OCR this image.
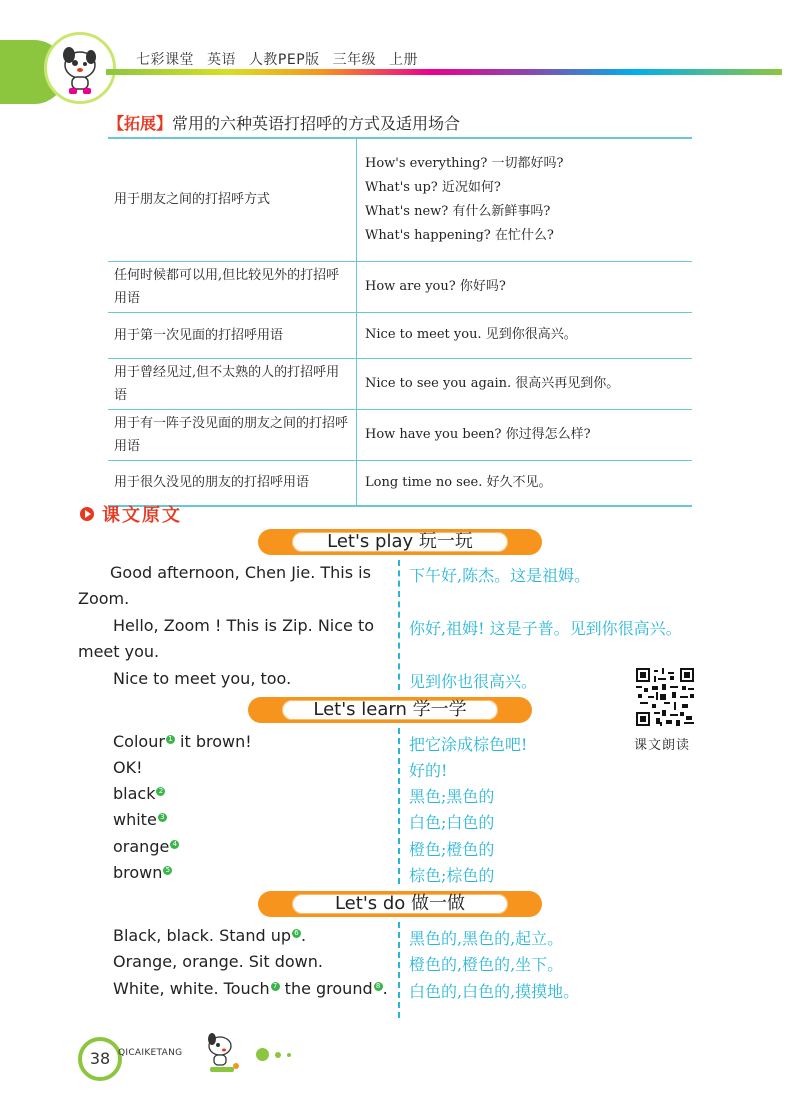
七彩课堂 英语 人教PEP版 三年级 上册
【拓展】常用的六种英语打招呼的方式及适用场合
用于朋友之间的打招呼方式	How's everything? 一切都好吗?
What's up? 近况如何?
What's new? 有什么新鲜事吗?
What's happening? 在忙什么?

任何时候都可以用,但比较见外的打招呼用语	How are you? 你好吗?

用于第一次见面的打招呼用语	Nice to meet you. 见到你很高兴。

用于曾经见过,但不太熟的人的打招呼用语	Nice to see you again. 很高兴再见到你。

用于有一阵子没见面的朋友之间的打招呼用语	How have you been? 你过得怎么样?

用于很久没见的朋友的打招呼用语	Long time no see. 好久不见。
课文原文
Let's play 玩一玩
Good afternoon, Chen Jie. This is
Zoom.
下午好,陈杰。这是祖姆。
Hello, Zoom ! This is Zip. Nice to
meet you.
你好,祖姆! 这是子普。见到你很高兴。
Nice to meet you, too.	见到你也很高兴。
课文朗读
Let's learn 学一学
Colour 1 it brown!	把它涂成棕色吧!
OK!	好的!
black 2	黑色;黑色的
white 3	白色;白色的
orange 4	橙色;橙色的
brown 5	棕色;棕色的
Let's do 做一做
Black, black. Stand up 6 .	黑色的,黑色的,起立。
Orange, orange. Sit down.	橙色的,橙色的,坐下。
White, white. Touch 7 the ground 8 . 白色的,白色的,摸摸地。
38 QICAIKETANG
